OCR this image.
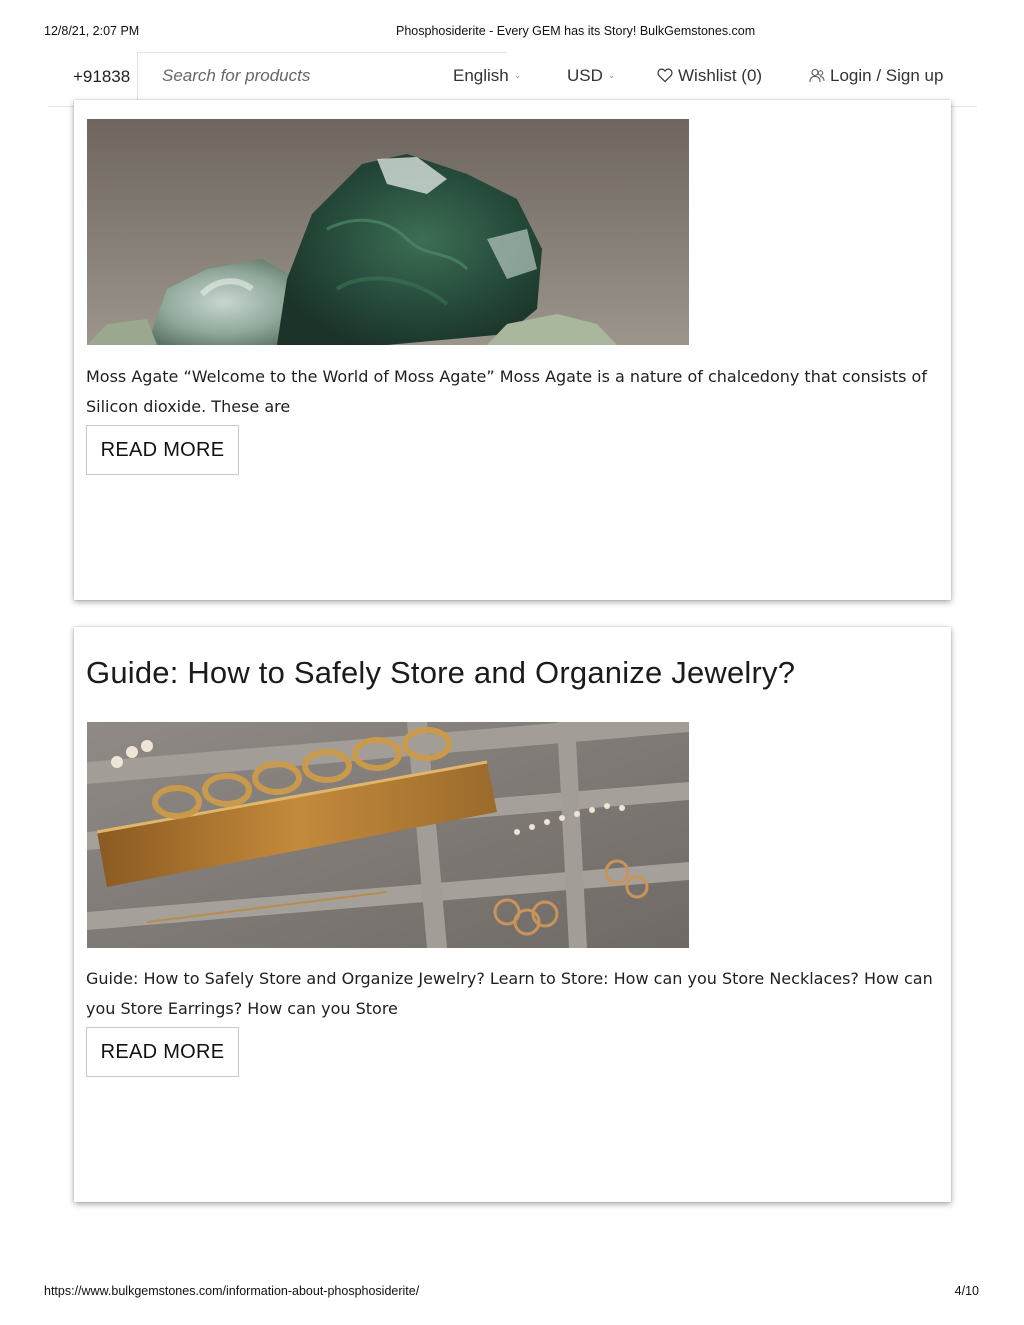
12/8/21, 2:07 PM	Phosphosiderite - Every GEM has its Story! BulkGemstones.com
+91838
Search for products	English ⌄	USD ⌄	Wishlist (0)	Login / Sign up
Moss Agate “Welcome to the World of Moss Agate” Moss Agate is a nature of chalcedony that consists of Silicon dioxide. These are
READ MORE
Guide: How to Safely Store and Organize Jewelry?
Guide: How to Safely Store and Organize Jewelry? Learn to Store: How can you Store Necklaces? How can you Store Earrings? How can you Store
READ MORE
https://www.bulkgemstones.com/information-about-phosphosiderite/	4/10
